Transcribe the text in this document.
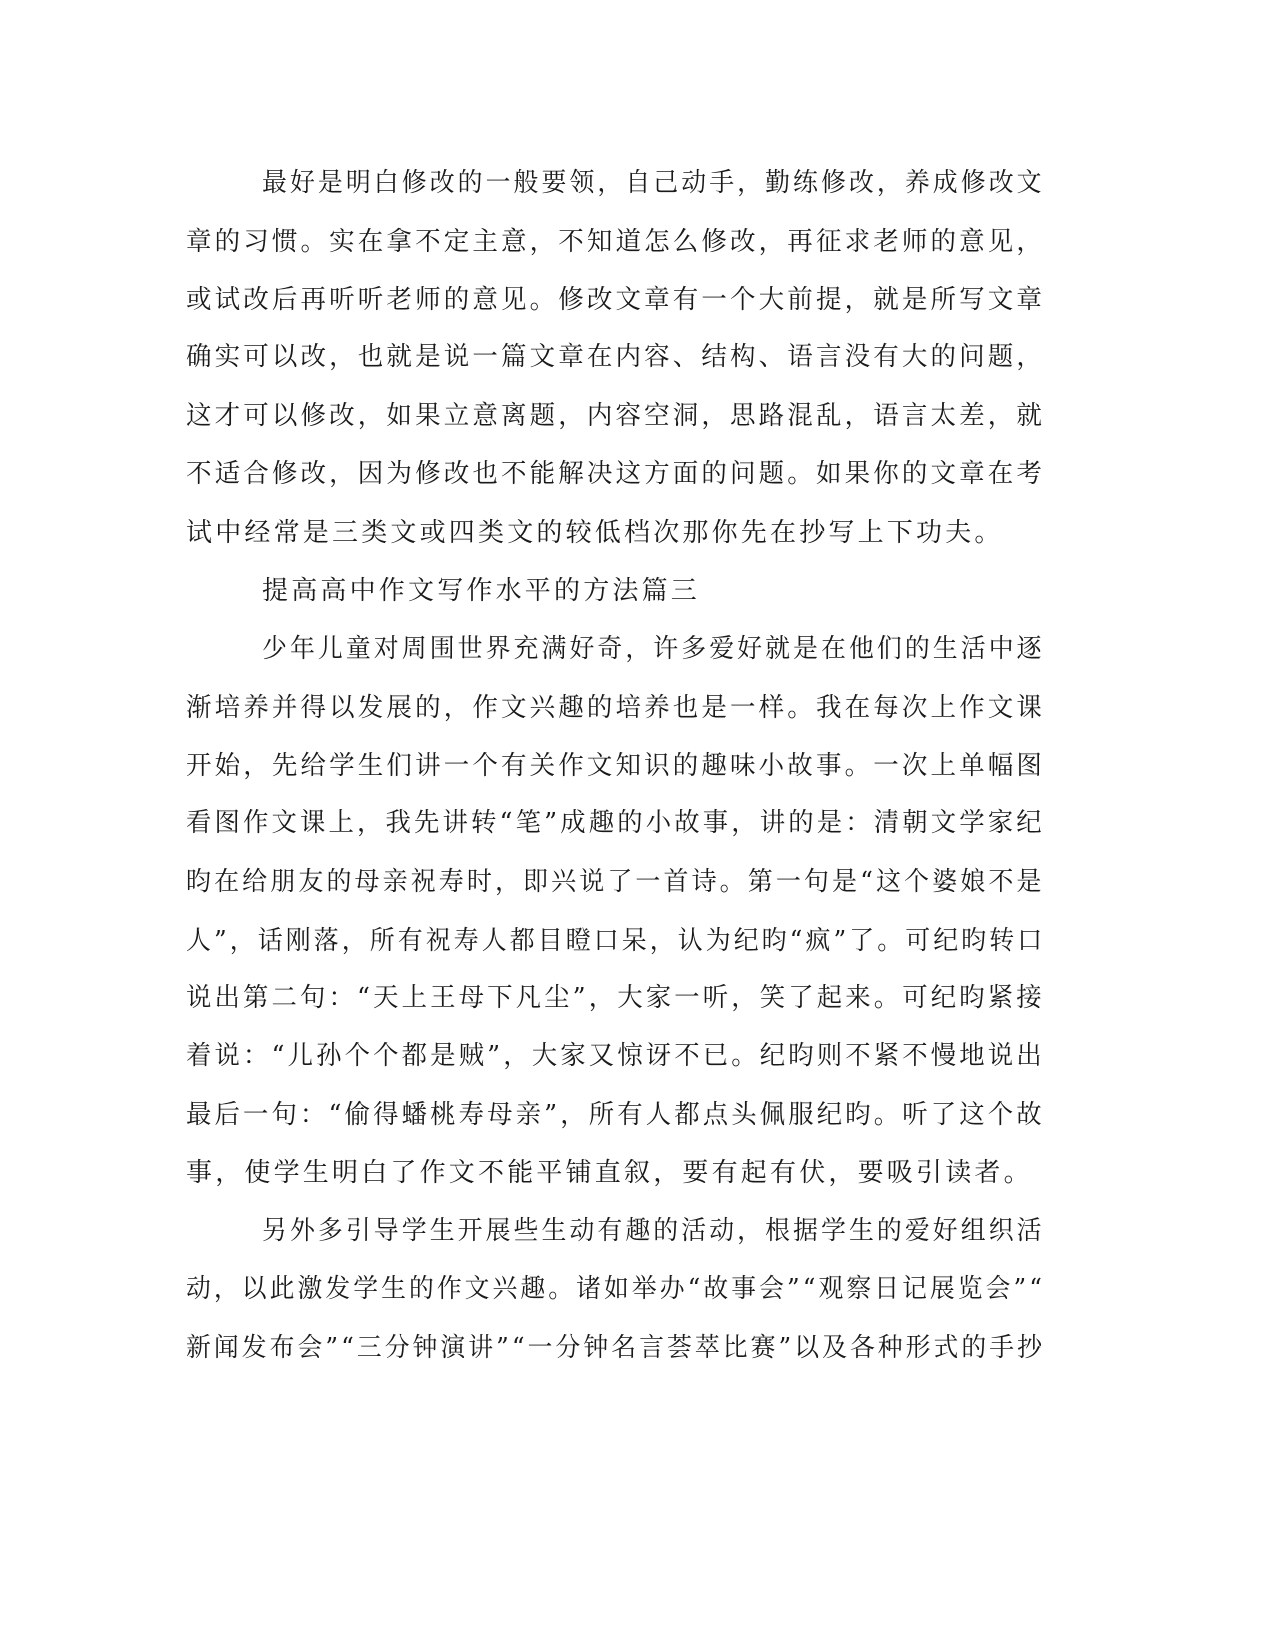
最好是明白修改的一般要领，自己动手，勤练修改，养成修改文
章的习惯。实在拿不定主意，不知道怎么修改，再征求老师的意见，
或试改后再听听老师的意见。修改文章有一个大前提，就是所写文章
确实可以改，也就是说一篇文章在内容、结构、语言没有大的问题，
这才可以修改，如果立意离题，内容空洞，思路混乱，语言太差，就
不适合修改，因为修改也不能解决这方面的问题。如果你的文章在考
试中经常是三类文或四类文的较低档次那你先在抄写上下功夫。
提高高中作文写作水平的方法篇三
少年儿童对周围世界充满好奇，许多爱好就是在他们的生活中逐
渐培养并得以发展的，作文兴趣的培养也是一样。我在每次上作文课
开始，先给学生们讲一个有关作文知识的趣味小故事。一次上单幅图
看图作文课上，我先讲转“笔”成趣的小故事，讲的是：清朝文学家纪
昀在给朋友的母亲祝寿时，即兴说了一首诗。第一句是“这个婆娘不是
人”，话刚落，所有祝寿人都目瞪口呆，认为纪昀“疯”了。可纪昀转口
说出第二句：“天上王母下凡尘”，大家一听，笑了起来。可纪昀紧接
着说：“儿孙个个都是贼”，大家又惊讶不已。纪昀则不紧不慢地说出
最后一句：“偷得蟠桃寿母亲”，所有人都点头佩服纪昀。听了这个故
事，使学生明白了作文不能平铺直叙，要有起有伏，要吸引读者。
另外多引导学生开展些生动有趣的活动，根据学生的爱好组织活
动，以此激发学生的作文兴趣。诸如举办“故事会”“观察日记展览会”“
新闻发布会”“三分钟演讲”“一分钟名言荟萃比赛”以及各种形式的手抄
